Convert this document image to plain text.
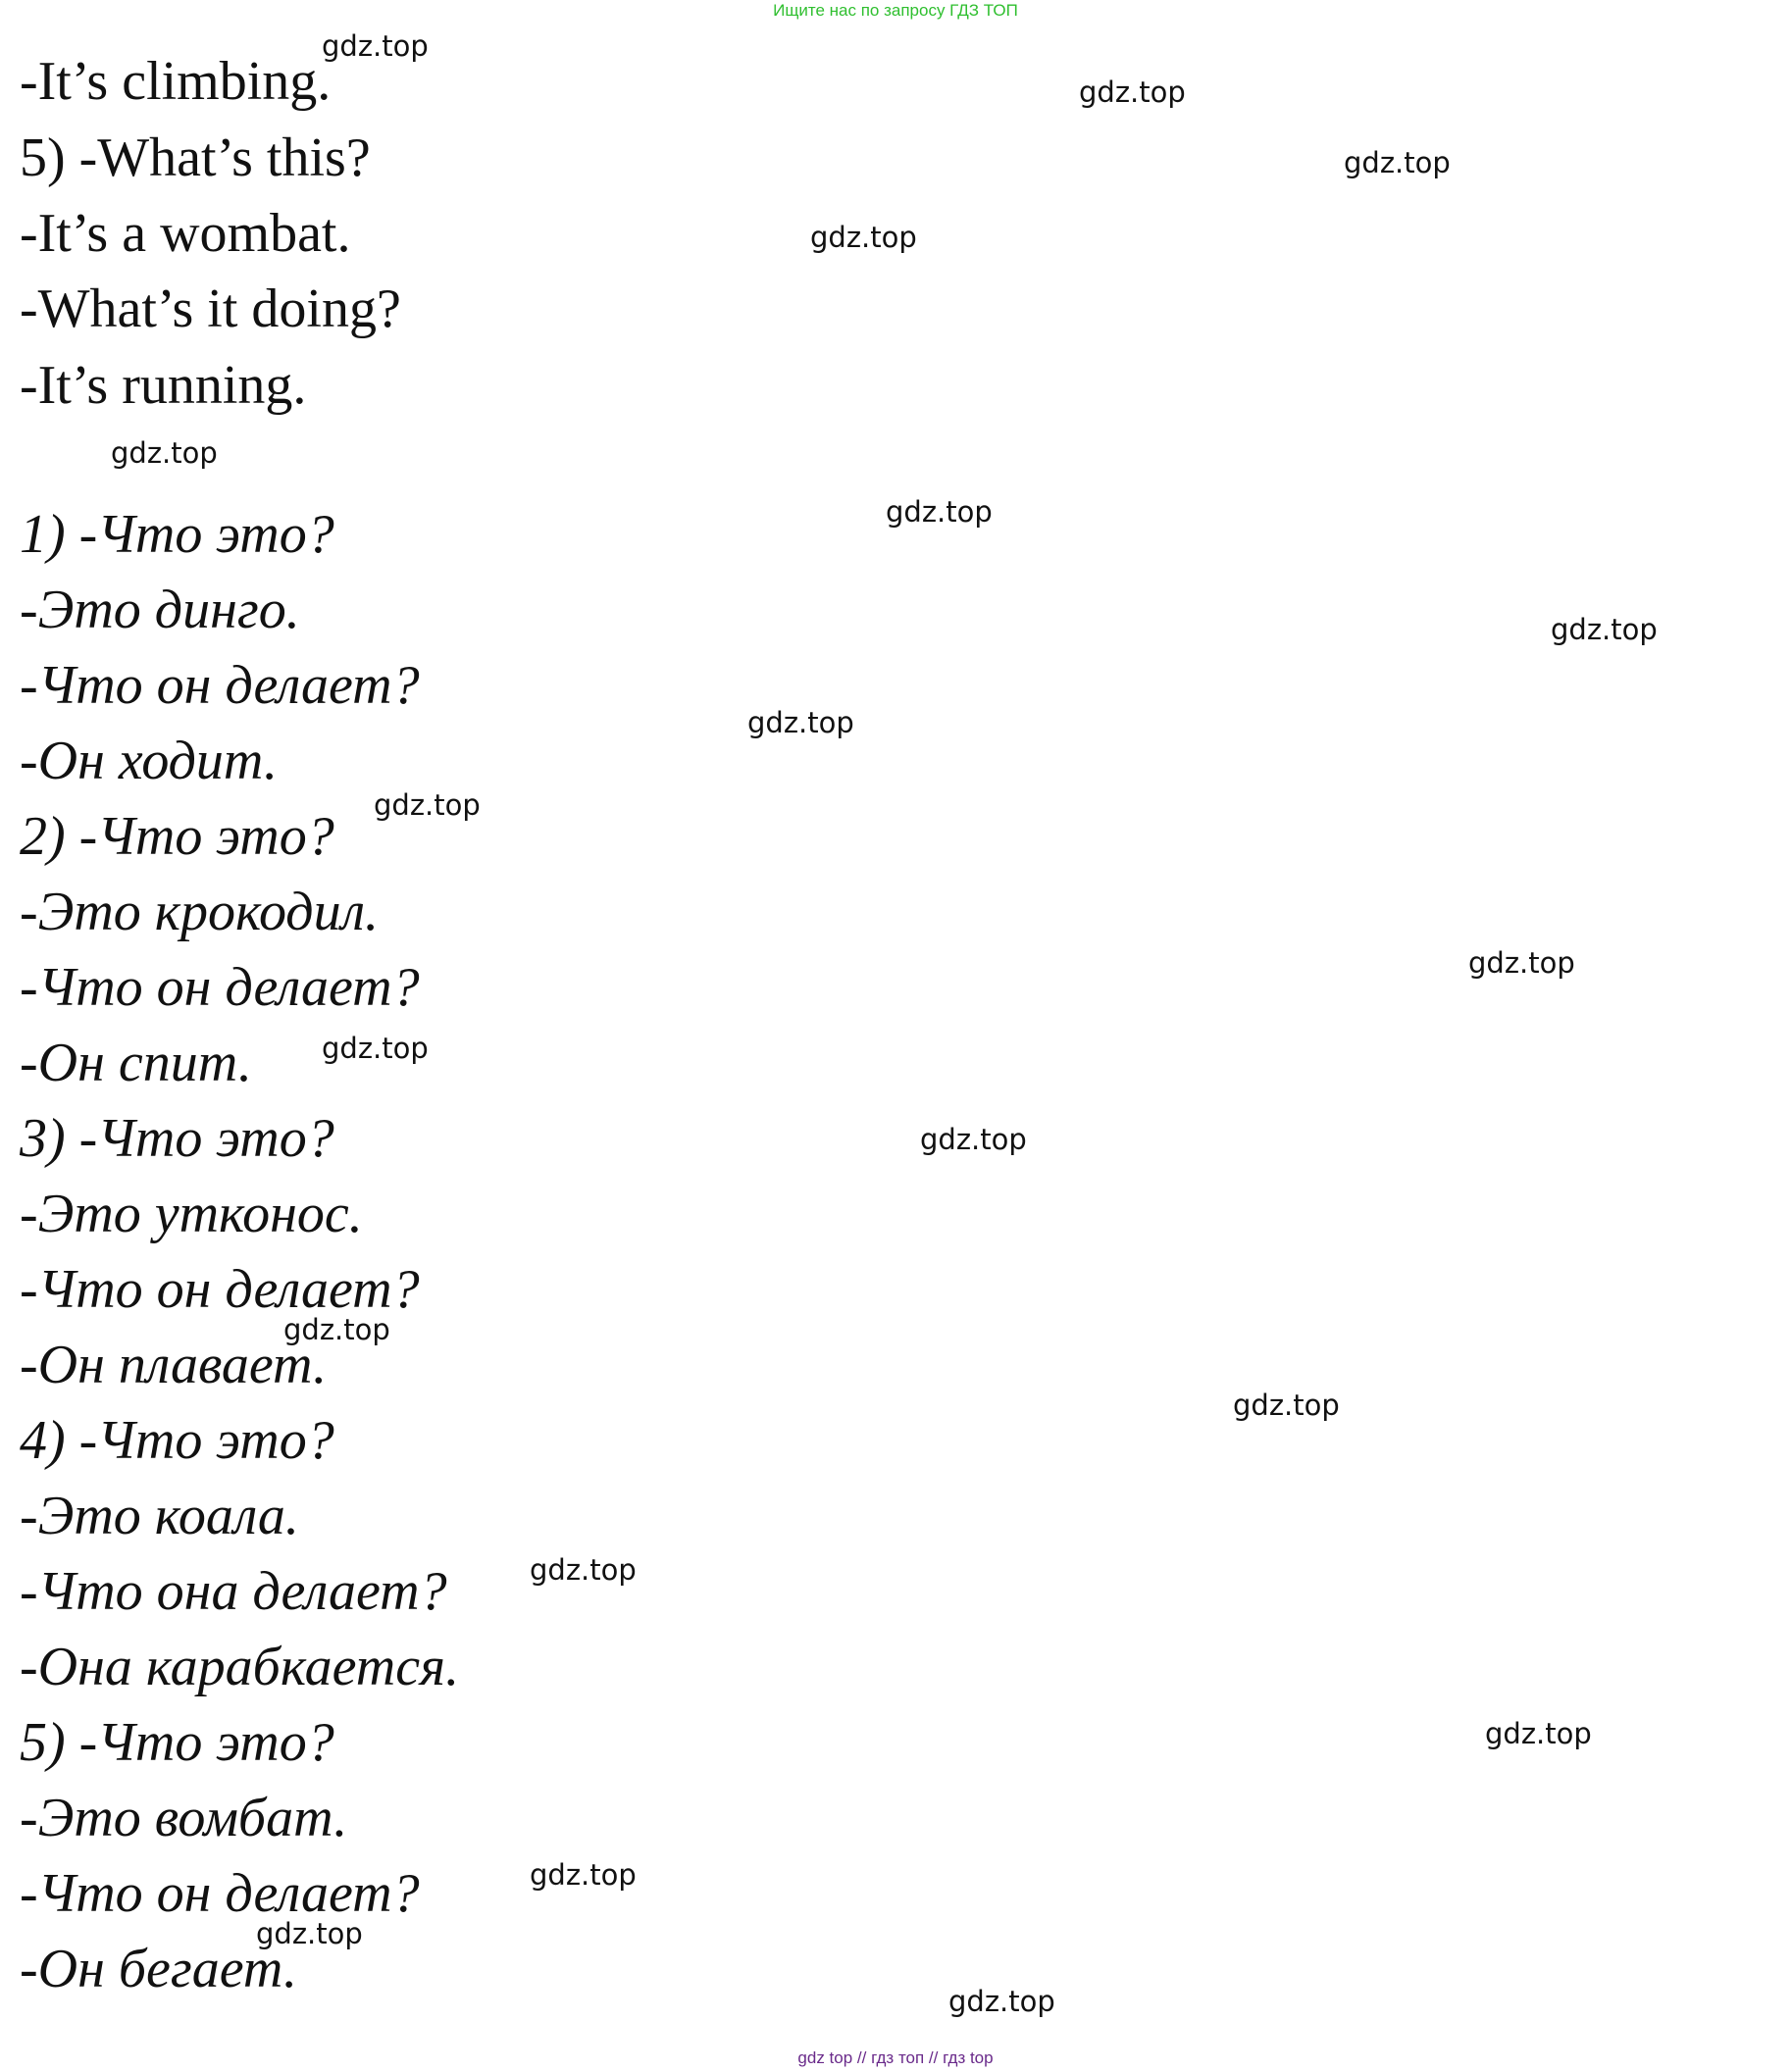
Ищите нас по запросу ГДЗ ТОП
-It’s climbing.
5) -What’s this?
-It’s a wombat.
-What’s it doing?
-It’s running.
1) -Что это?
-Это динго.
-Что он делает?
-Он ходит.
2) -Что это?
-Это крокодил.
-Что он делает?
-Он спит.
3) -Что это?
-Это утконос.
-Что он делает?
-Он плавает.
4) -Что это?
-Это коала.
-Что она делает?
-Она карабкается.
5) -Что это?
-Это вомбат.
-Что он делает?
-Он бегает.
gdz.top
gdz.top
gdz.top
gdz.top
gdz.top
gdz.top
gdz.top
gdz.top
gdz.top
gdz.top
gdz.top
gdz.top
gdz.top
gdz.top
gdz.top
gdz.top
gdz.top
gdz.top
gdz.top
gdz top // гдз топ // гдз top
